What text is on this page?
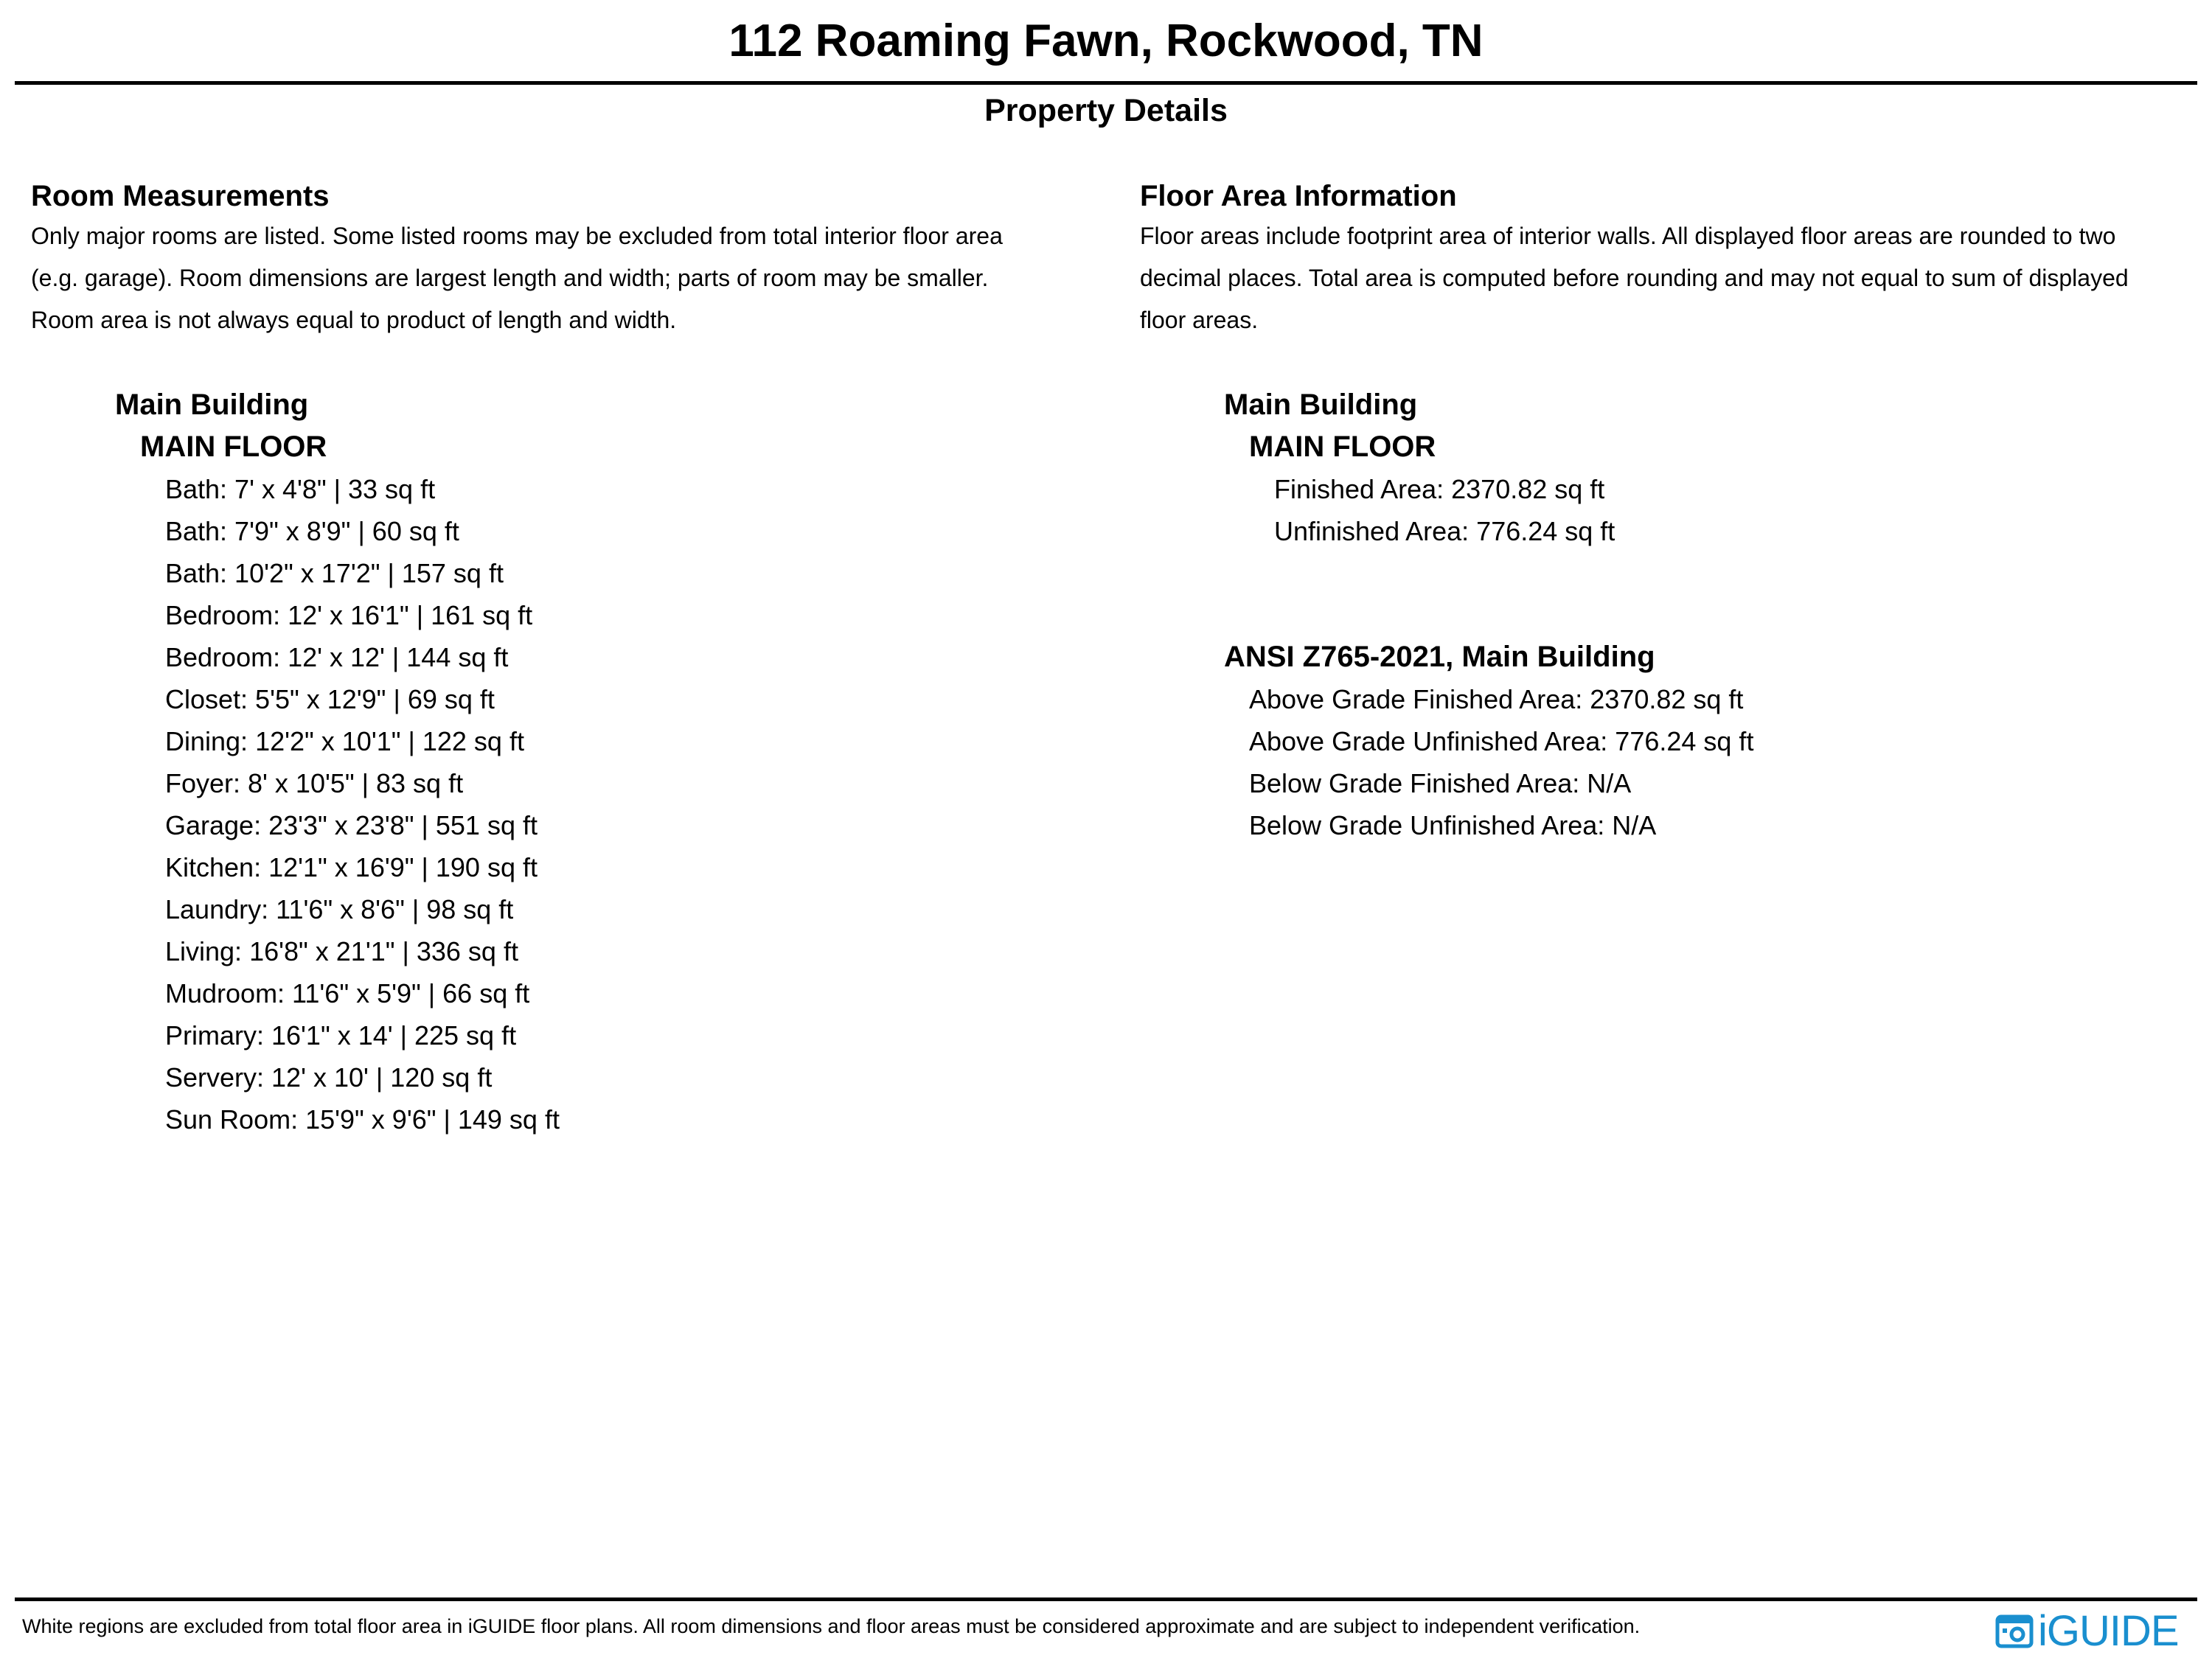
112 Roaming Fawn, Rockwood, TN
Property Details
Room Measurements

Only major rooms are listed. Some listed rooms may be excluded from total interior floor area
(e.g. garage). Room dimensions are largest length and width; parts of room may be smaller.
Room area is not always equal to product of length and width.

Main Building
MAIN FLOOR
Bath: 7' x 4'8" | 33 sq ft
Bath: 7'9" x 8'9" | 60 sq ft
Bath: 10'2" x 17'2" | 157 sq ft
Bedroom: 12' x 16'1" | 161 sq ft
Bedroom: 12' x 12' | 144 sq ft
Closet: 5'5" x 12'9" | 69 sq ft
Dining: 12'2" x 10'1" | 122 sq ft
Foyer: 8' x 10'5" | 83 sq ft
Garage: 23'3" x 23'8" | 551 sq ft
Kitchen: 12'1" x 16'9" | 190 sq ft
Laundry: 11'6" x 8'6" | 98 sq ft
Living: 16'8" x 21'1" | 336 sq ft
Mudroom: 11'6" x 5'9" | 66 sq ft
Primary: 16'1" x 14' | 225 sq ft
Servery: 12' x 10' | 120 sq ft
Sun Room: 15'9" x 9'6" | 149 sq ft
Floor Area Information

Floor areas include footprint area of interior walls. All displayed floor areas are rounded to two
decimal places. Total area is computed before rounding and may not equal to sum of displayed
floor areas.

Main Building
MAIN FLOOR
Finished Area: 2370.82 sq ft
Unfinished Area: 776.24 sq ft
ANSI Z765-2021, Main Building
Above Grade Finished Area: 2370.82 sq ft
Above Grade Unfinished Area: 776.24 sq ft
Below Grade Finished Area: N/A
Below Grade Unfinished Area: N/A
White regions are excluded from total floor area in iGUIDE floor plans. All room dimensions and floor areas must be considered approximate and are subject to independent verification.	iGUIDE
